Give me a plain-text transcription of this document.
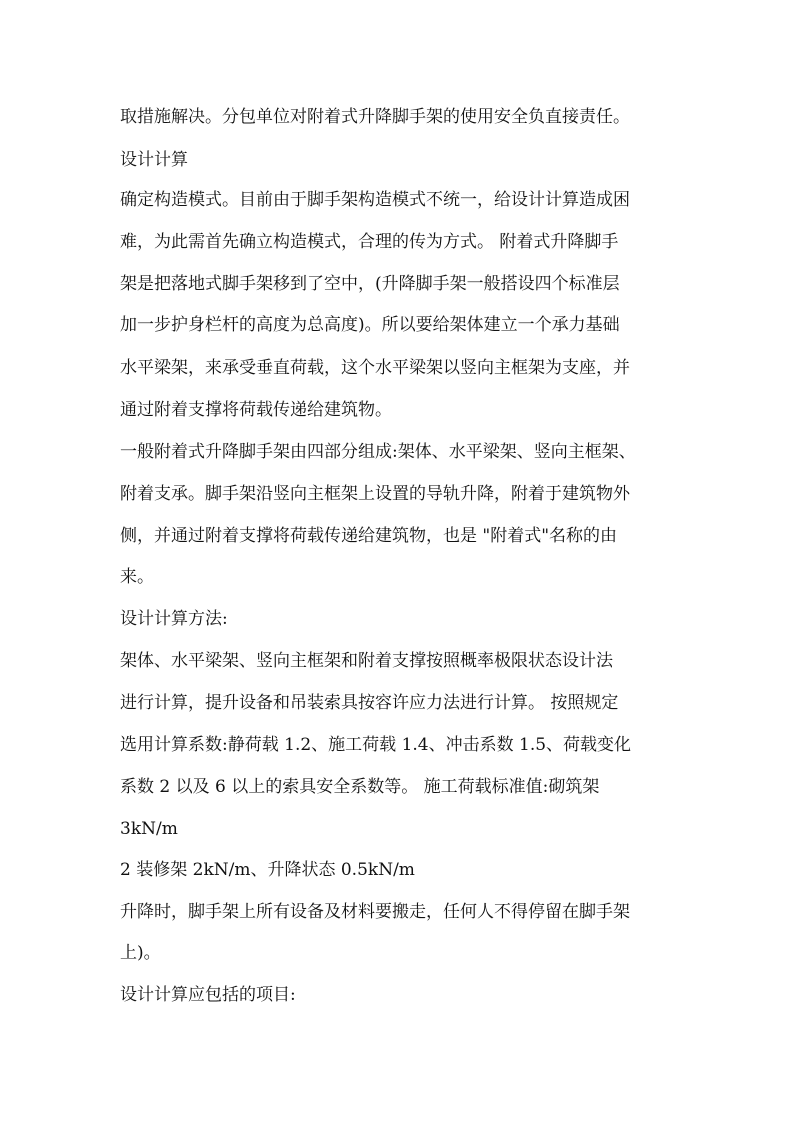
取措施解决。分包单位对附着式升降脚手架的使用安全负直接责任。
设计计算
确定构造模式。目前由于脚手架构造模式不统一，给设计计算造成困
难，为此需首先确立构造模式，合理的传为方式。 附着式升降脚手
架是把落地式脚手架移到了空中，(升降脚手架一般搭设四个标准层
加一步护身栏杆的高度为总高度)。所以要给架体建立一个承力基础
水平梁架，来承受垂直荷载，这个水平梁架以竖向主框架为支座，并
通过附着支撑将荷载传递给建筑物。
一般附着式升降脚手架由四部分组成:架体、水平梁架、竖向主框架、
附着支承。脚手架沿竖向主框架上设置的导轨升降，附着于建筑物外
侧，并通过附着支撑将荷载传递给建筑物，也是 "附着式"名称的由
来。
设计计算方法:
架体、水平梁架、竖向主框架和附着支撑按照概率极限状态设计法
进行计算，提升设备和吊装索具按容许应力法进行计算。 按照规定
选用计算系数:静荷载 1.2、施工荷载 1.4、冲击系数 1.5、荷载变化
系数 2 以及 6 以上的索具安全系数等。 施工荷载标准值:砌筑架
3kN/m
2 装修架 2kN/m、升降状态 0.5kN/m
升降时，脚手架上所有设备及材料要搬走，任何人不得停留在脚手架
上)。
设计计算应包括的项目:
